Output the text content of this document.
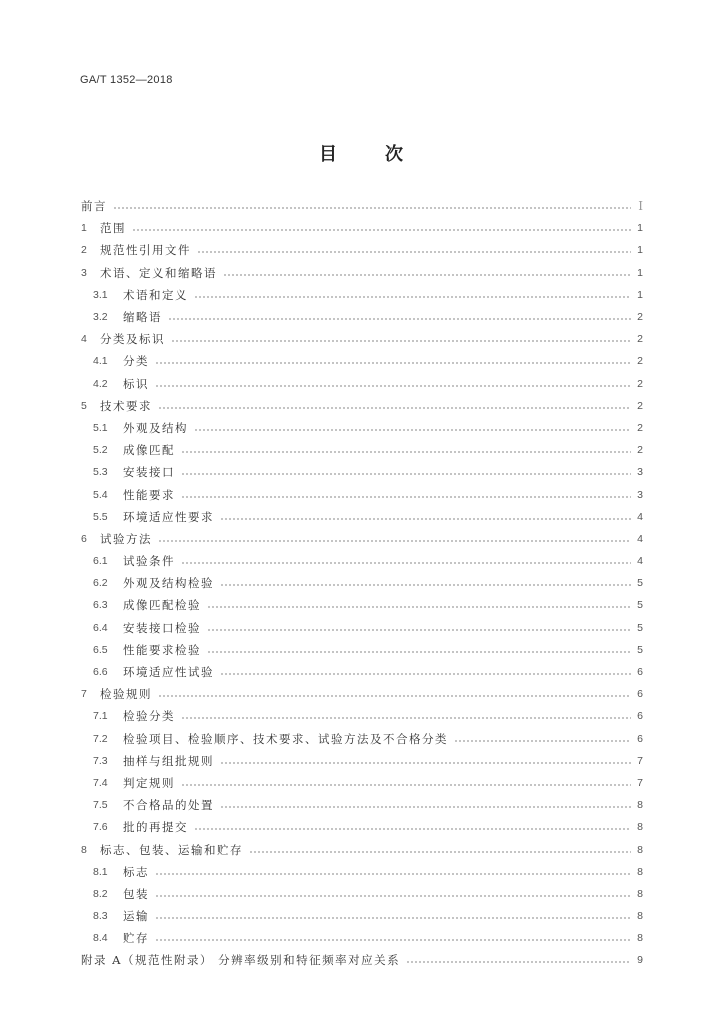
GA/T 1352—2018
目	次
前言	Ⅰ
1	范围	1
2	规范性引用文件	1
3	术语、定义和缩略语	1
3.1	术语和定义	1
3.2	缩略语	2
4	分类及标识	2
4.1	分类	2
4.2	标识	2
5	技术要求	2
5.1	外观及结构	2
5.2	成像匹配	2
5.3	安装接口	3
5.4	性能要求	3
5.5	环境适应性要求	4
6	试验方法	4
6.1	试验条件	4
6.2	外观及结构检验	5
6.3	成像匹配检验	5
6.4	安装接口检验	5
6.5	性能要求检验	5
6.6	环境适应性试验	6
7	检验规则	6
7.1	检验分类	6
7.2	检验项目、检验顺序、技术要求、试验方法及不合格分类	6
7.3	抽样与组批规则	7
7.4	判定规则	7
7.5	不合格品的处置	8
7.6	批的再提交	8
8	标志、包装、运输和贮存	8
8.1	标志	8
8.2	包装	8
8.3	运输	8
8.4	贮存	8
附录 A（规范性附录） 分辨率级别和特征频率对应关系	9
